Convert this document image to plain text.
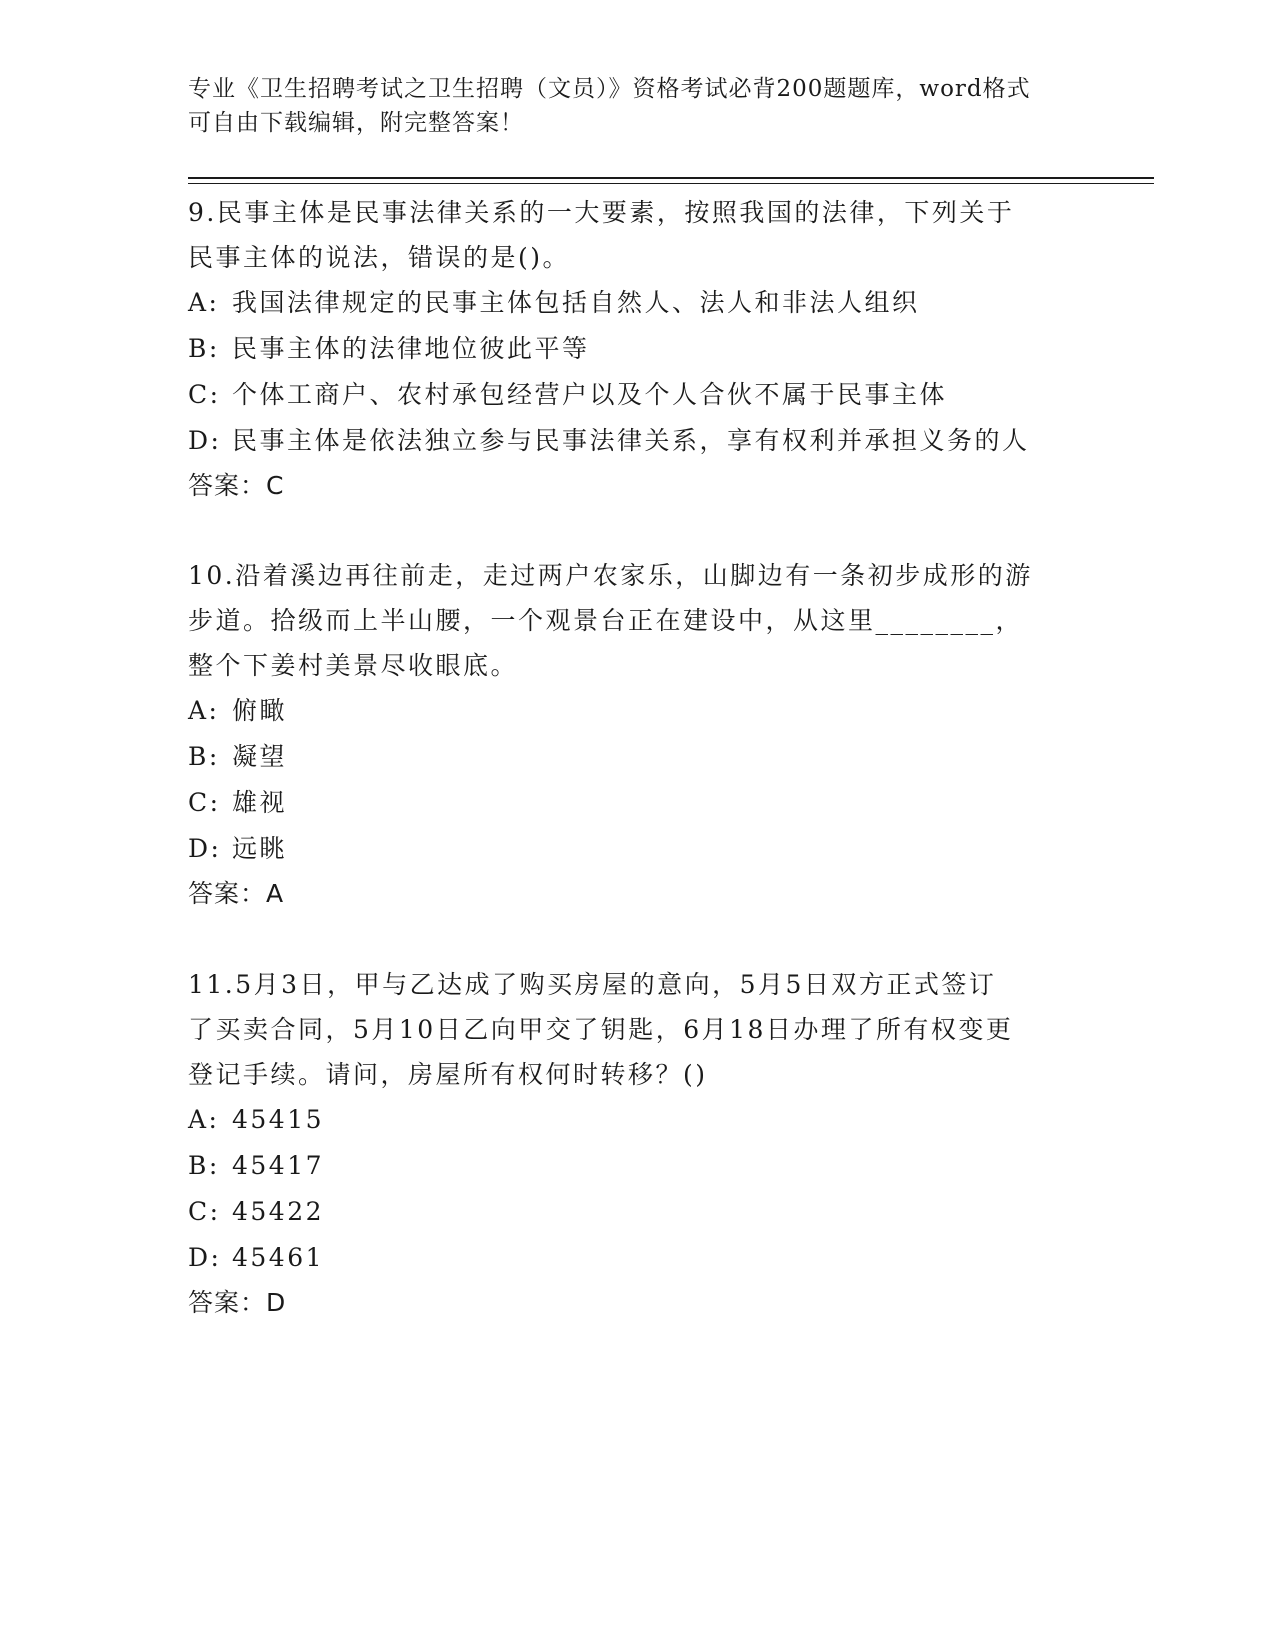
专业《卫生招聘考试之卫生招聘（文员）》资格考试必背200题题库，word格式
可自由下载编辑，附完整答案！

9.民事主体是民事法律关系的一大要素，按照我国的法律，下列关于

民事主体的说法，错误的是()。

A: 我国法律规定的民事主体包括自然人、法人和非法人组织

B: 民事主体的法律地位彼此平等

C: 个体工商户、农村承包经营户以及个人合伙不属于民事主体

D: 民事主体是依法独立参与民事法律关系，享有权利并承担义务的人

答案：C

10.沿着溪边再往前走，走过两户农家乐，山脚边有一条初步成形的游

步道。拾级而上半山腰，一个观景台正在建设中，从这里________，

整个下姜村美景尽收眼底。

A: 俯瞰

B: 凝望

C: 雄视

D: 远眺

答案：A

11.5月3日，甲与乙达成了购买房屋的意向，5月5日双方正式签订

了买卖合同，5月10日乙向甲交了钥匙，6月18日办理了所有权变更

登记手续。请问，房屋所有权何时转移？()

A: 45415

B: 45417

C: 45422

D: 45461

答案：D
